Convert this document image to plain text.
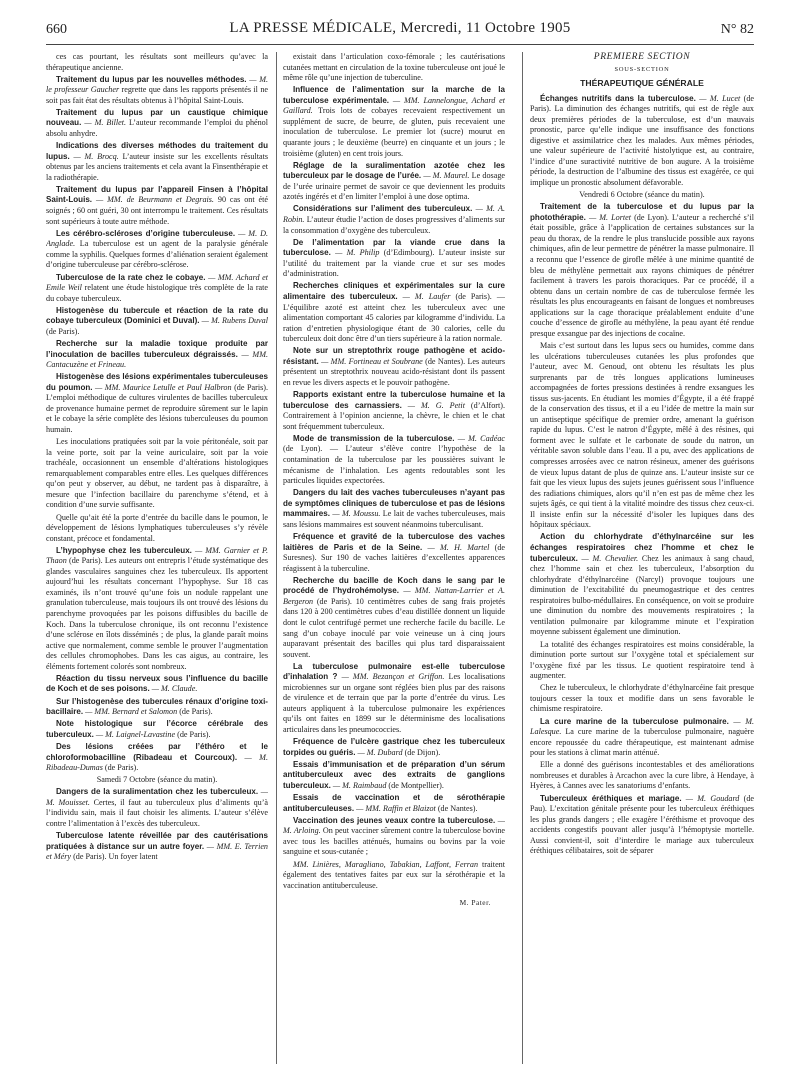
660	LA PRESSE MÉDICALE, Mercredi, 11 Octobre 1905	N° 82

ces cas pourtant, les résultats sont meilleurs qu’avec la thérapeutique ancienne.

Traitement du lupus par les nouvelles méthodes. — M. le professeur Gaucher regrette que dans les rapports présentés il ne soit pas fait état des résultats obtenus à l’hôpital Saint-Louis.

Traitement du lupus par un caustique chimique nouveau. — M. Billet. L’auteur recommande l’emploi du phénol absolu anhydre.

Indications des diverses méthodes du traitement du lupus. — M. Brocq. L’auteur insiste sur les excellents résultats obtenus par les anciens traitements et cela avant la Finsenthérapie et la radiothérapie.

Traitement du lupus par l’appareil Finsen à l’hôpital Saint-Louis. — MM. de Beurmann et Degrais. 90 cas ont été soignés ; 60 ont guéri, 30 ont interrompu le traitement. Ces résultats sont supérieurs à toute autre méthode.

Les cérébro-scléroses d’origine tuberculeuse. — M. D. Anglade. La tuberculose est un agent de la paralysie générale comme la syphilis. Quelques formes d’aliénation seraient également d’origine tuberculeuse par cérébro-sclérose.

Tuberculose de la rate chez le cobaye. — MM. Achard et Emile Weil relatent une étude histologique très complète de la rate du cobaye tuberculeux.

Histogenèse du tubercule et réaction de la rate du cobaye tuberculeux (Dominici et Duval). — M. Rubens Duval (de Paris).

Recherche sur la maladie toxique produite par l’inoculation de bacilles tuberculeux dégraissés. — MM. Cantacuzène et Frineau.

Histogenèse des lésions expérimentales tuberculeuses du poumon. — MM. Maurice Letulle et Paul Halbron (de Paris). L’emploi méthodique de cultures virulentes de bacilles tuberculeux de provenance humaine permet de reproduire sûrement sur le lapin et le cobaye la série complète des lésions tuberculeuses du poumon humain.

Les inoculations pratiquées soit par la voie péritonéale, soit par la veine porte, soit par la veine auriculaire, soit par la voie trachéale, occasionnent un ensemble d’altérations histologiques remarquablement comparables entre elles. Les quelques différences qu’on peut y observer, au début, ne tardent pas à disparaître, à mesure que l’infection bacillaire du parenchyme s’étend, et à condition d’une survie suffisante.

Quelle qu’ait été la porte d’entrée du bacille dans le poumon, le développement de lésions lymphatiques tuberculeuses s’y révèle constant, précoce et fondamental.

L’hypophyse chez les tuberculeux. — MM. Garnier et P. Thaon (de Paris). Les auteurs ont entrepris l’étude systématique des glandes vasculaires sanguines chez les tuberculeux. Ils apportent aujourd’hui les résultats concernant l’hypophyse. Sur 18 cas examinés, ils n’ont trouvé qu’une fois un nodule rappelant une granulation tuberculeuse, mais toujours ils ont trouvé des lésions du parenchyme provoquées par les poisons diffusibles du bacille de Koch. Dans la tuberculose chronique, ils ont reconnu l’existence d’une sclérose en îlots disséminés ; de plus, la glande paraît moins active que normalement, comme semble le prouver l’augmentation des cellules chromophobes. Dans les cas aigus, au contraire, les éléments fortement colorés sont nombreux.

Réaction du tissu nerveux sous l’influence du bacille de Koch et de ses poisons. — M. Claude.

Sur l’histogenèse des tubercules rénaux d’origine toxi-bacillaire. — MM. Bernard et Salomon (de Paris).

Note histologique sur l’écorce cérébrale des tuberculeux. — M. Laignel-Lavastine (de Paris).

Des lésions créées par l’éthéro et le chloroformobacilline (Ribadeau et Courcoux). — M. Ribadeau-Dumas (de Paris).

Samedi 7 Octobre (séance du matin).

Dangers de la suralimentation chez les tuberculeux. — M. Mouisset. Certes, il faut au tuberculeux plus d’aliments qu’à l’individu sain, mais il faut choisir les aliments. L’auteur s’élève contre l’alimentation à l’excès des tuberculeux.

Tuberculose latente réveillée par des cautérisations pratiquées à distance sur un autre foyer. — MM. E. Terrien et Méry (de Paris). Un foyer latent

existait dans l’articulation coxo-fémorale ; les cautérisations cutanées mettant en circulation de la toxine tuberculeuse ont joué le même rôle qu’une injection de tuberculine.

Influence de l’alimentation sur la marche de la tuberculose expérimentale. — MM. Lannelongue, Achard et Gaillard. Trois lots de cobayes recevaient respectivement un supplément de sucre, de beurre, de gluten, puis recevaient une inoculation de tuberculose. Le premier lot (sucre) mourut en quarante jours ; le deuxième (beurre) en cinquante et un jours ; le troisième (gluten) en cent trois jours.

Réglage de la suralimentation azotée chez les tuberculeux par le dosage de l’urée. — M. Maurel. Le dosage de l’urée urinaire permet de savoir ce que deviennent les produits azotés ingérés et d’en limiter l’emploi à une dose optima.

Considérations sur l’aliment des tuberculeux. — M. A. Robin. L’auteur étudie l’action de doses progressives d’aliments sur la consommation d’oxygène des tuberculeux.

De l’alimentation par la viande crue dans la tuberculose. — M. Philip (d’Edimbourg). L’auteur insiste sur l’utilité du traitement par la viande crue et sur ses modes d’administration.

Recherches cliniques et expérimentales sur la cure alimentaire des tuberculeux. — M. Laufer (de Paris). — L’équilibre azoté est atteint chez les tuberculeux avec une alimentation comportant 45 calories par kilogramme d’individu. La ration d’entretien physiologique étant de 30 calories, celle du tuberculeux doit donc être d’un tiers supérieure à la ration normale.

Note sur un streptothrix rouge pathogène et acido-résistant. — MM. Fortineau et Soubrane (de Nantes). Les auteurs présentent un streptothrix nouveau acido-résistant dont ils passent en revue les divers aspects et le pouvoir pathogène.

Rapports existant entre la tuberculose humaine et la tuberculose des carnassiers. — M. G. Petit (d’Alfort). Contrairement à l’opinion ancienne, la chèvre, le chien et le chat sont fréquemment tuberculeux.

Mode de transmission de la tuberculose. — M. Cadéac (de Lyon). — L’auteur s’élève contre l’hypothèse de la contamination de la tuberculose par les poussières suivant le mécanisme de l’inhalation. Les agents redoutables sont les particules liquides expectorées.

Dangers du lait des vaches tuberculeuses n’ayant pas de symptômes cliniques de tuberculose et pas de lésions mammaires. — M. Moussu. Le lait de vaches tuberculeuses, mais sans lésions mammaires est souvent néanmoins tuberculisant.

Fréquence et gravité de la tuberculose des vaches laitières de Paris et de la Seine. — M. H. Martel (de Suresnes). Sur 190 de vaches laitières d’excellentes apparences réagissent à la tuberculine.

Recherche du bacille de Koch dans le sang par le procédé de l’hydrohémolyse. — MM. Nattan-Larrier et A. Bergeron (de Paris). 10 centimètres cubes de sang frais projetés dans 120 à 200 centimètres cubes d’eau distillée donnent un liquide dont le culot centrifugé permet une recherche facile du bacille. Le sang d’un cobaye inoculé par voie veineuse un à cinq jours auparavant présentait des bacilles qui plus tard disparaissaient souvent.

La tuberculose pulmonaire est-elle tuberculose d’inhalation ? — MM. Bezançon et Griffon. Les localisations microbiennes sur un organe sont réglées bien plus par des raisons de virulence et de terrain que par la porte d’entrée du virus. Les auteurs appliquent à la tuberculose pulmonaire les expériences qu’ils ont faites en 1899 sur le déterminisme des localisations articulaires dans les pneumococcies.

Fréquence de l’ulcère gastrique chez les tuberculeux torpides ou guéris. — M. Dubard (de Dijon).

Essais d’immunisation et de préparation d’un sérum antituberculeux avec des extraits de ganglions tuberculeux. — M. Raimbaud (de Montpellier).

Essais de vaccination et de sérothérapie antituberculeuses. — MM. Raffin et Blaizot (de Nantes).

Vaccination des jeunes veaux contre la tuberculose. — M. Arloing. On peut vacciner sûrement contre la tuberculose bovine avec tous les bacilles atténués, humains ou bovins par la voie sanguine et sous-cutanée ;

MM. Linières, Maragliano, Tabakian, Laffont, Ferran traitent également des tentatives faites par eux sur la sérothérapie et la vaccination antituberculeuse.

M. Pater.
PREMIÈRE SECTION
SOUS-SECTION
THÉRAPEUTIQUE GÉNÉRALE

Échanges nutritifs dans la tuberculose. — M. Lucet (de Paris). La diminution des échanges nutritifs, qui est de règle aux deux premières périodes de la tuberculose, est d’un mauvais pronostic, parce qu’elle indique une insuffisance des fonctions digestive et assimilatrice chez les malades. Aux mêmes périodes, une valeur supérieure de l’activité histolytique est, au contraire, l’indice d’une suractivité nutritive de bon augure. A la troisième période, la destruction de l’albumine des tissus est exagérée, ce qui implique un pronostic absolument défavorable.

Vendredi 6 Octobre (séance du matin).

Traitement de la tuberculose et du lupus par la photothérapie. — M. Lortet (de Lyon). L’auteur a recherché s’il était possible, grâce à l’application de certaines substances sur la peau du thorax, de la rendre le plus translucide possible aux rayons chimiques, afin de leur permettre de pénétrer la masse pulmonaire. Il a reconnu que l’essence de girofle mêlée à une minime quantité de bleu de méthylène permettait aux rayons chimiques de pénétrer facilement à travers les parois thoraciques. Par ce procédé, il a obtenu dans un certain nombre de cas de tuberculose fermée les résultats les plus encourageants en faisant de longues et nombreuses applications sur la cage thoracique préalablement enduite d’une couche d’essence de girofle au méthylène, la peau ayant été rendue presque exsangue par des injections de cocaïne.

Mais c’est surtout dans les lupus secs ou humides, comme dans les ulcérations tuberculeuses cutanées les plus profondes que l’auteur, avec M. Genoud, ont obtenu les résultats les plus surprenants par de très longues applications lumineuses accompagnées de fortes pressions destinées à rendre exsangues les tissus sus-jacents. En étudiant les momies d’Égypte, il a été frappé de la conservation des tissus, et il a eu l’idée de mettre la main sur un antiseptique spécifique de premier ordre, amenant la guérison rapide du lupus. C’est le natron d’Égypte, mêlé à des résines, qui forment avec le sulfate et le carbonate de soude du natron, un véritable savon soluble dans l’eau. Il a pu, avec des applications de compresses arrosées avec ce natron résineux, amener des guérisons de vieux lupus datant de plus de quinze ans. L’auteur insiste sur ce fait que les vieux lupus des sujets jeunes guérissent sous l’influence des radiations chimiques, alors qu’il n’en est pas de même chez les sujets âgés, ce qui tient à la vitalité moindre des tissus chez ceux-ci. Il insiste enfin sur la nécessité d’isoler les lupiques dans des hôpitaux spéciaux.

Action du chlorhydrate d’éthylnarcéine sur les échanges respiratoires chez l’homme et chez le tuberculeux. — M. Chevalier. Chez les animaux à sang chaud, chez l’homme sain et chez les tuberculeux, l’absorption du chlorhydrate d’éthylnarcéine (Narcyl) provoque toujours une diminution de l’excitabilité du pneumogastrique et des centres respiratoires bulbo-médullaires. En conséquence, on voit se produire une diminution du nombre des mouvements respiratoires ; la ventilation pulmonaire par kilogramme minute et l’expiration moyenne subissent également une diminution.

La totalité des échanges respiratoires est moins considérable, la diminution porte surtout sur l’oxygène total et spécialement sur l’oxygène fixé par les tissus. Le quotient respiratoire tend à augmenter.

Chez le tuberculeux, le chlorhydrate d’éthylnarcéine fait presque toujours cesser la toux et modifie dans un sens favorable le chimisme respiratoire.

La cure marine de la tuberculose pulmonaire. — M. Lalesque. La cure marine de la tuberculose pulmonaire, naguère encore repoussée du cadre thérapeutique, est maintenant admise pour les stations à climat marin atténué.

Elle a donné des guérisons incontestables et des améliorations nombreuses et durables à Arcachon avec la cure libre, à Hendaye, à Hyères, à Cannes avec les sanatoriums d’enfants.

Tuberculeux éréthiques et mariage. — M. Goudard (de Pau). L’excitation génitale présente pour les tuberculeux éréthiques les plus grands dangers ; elle exagère l’éréthisme et provoque des accidents congestifs pouvant aller jusqu’à l’hémoptysie mortelle. Aussi convient-il, soit d’interdire le mariage aux tuberculeux éréthiques célibataires, soit de séparer
